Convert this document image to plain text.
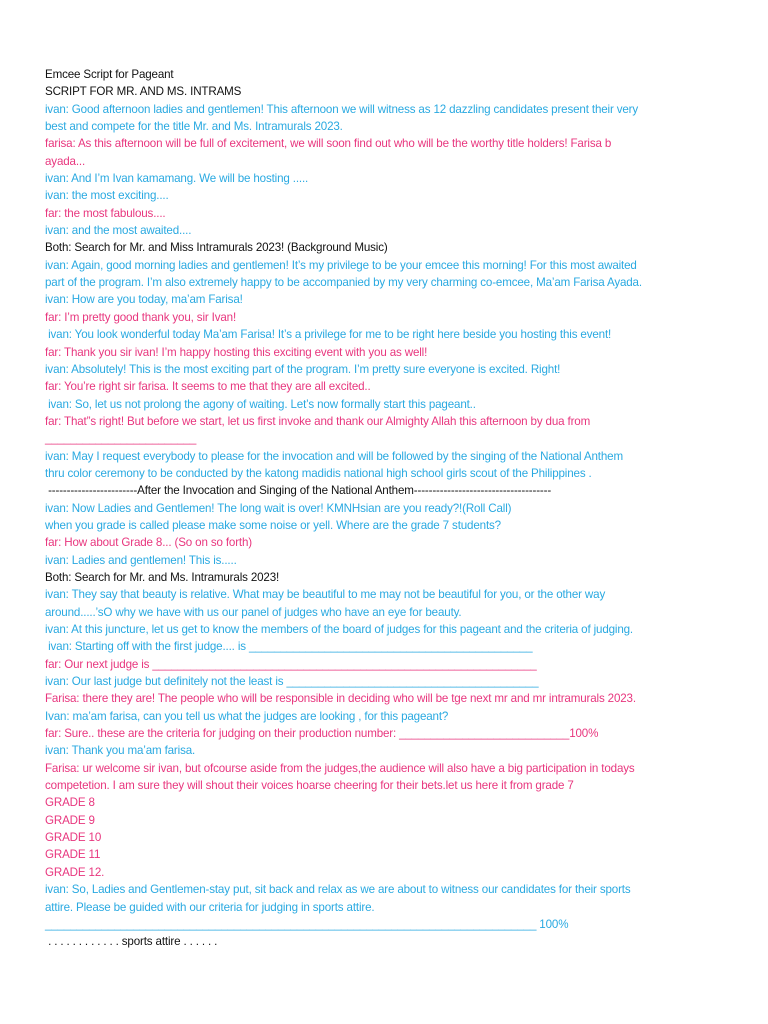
Emcee Script for Pageant

SCRIPT FOR MR. AND MS. INTRAMS

ivan: Good afternoon ladies and gentlemen! This afternoon we will witness as 12 dazzling candidates present their very

best and compete for the title Mr. and Ms. Intramurals 2023.

farisa: As this afternoon will be full of excitement, we will soon find out who will be the worthy title holders! Farisa b

ayada...

ivan: And I’m Ivan kamamang. We will be hosting .....

ivan: the most exciting....

far: the most fabulous....

ivan: and the most awaited....

Both: Search for Mr. and Miss Intramurals 2023! (Background Music)

ivan: Again, good morning ladies and gentlemen! It’s my privilege to be your emcee this morning! For this most awaited

part of the program. I’m also extremely happy to be accompanied by my very charming co-emcee, Ma’am Farisa Ayada.

ivan: How are you today, ma’am Farisa!

far: I’m pretty good thank you, sir Ivan!

ivan: You look wonderful today Ma’am Farisa! It’s a privilege for me to be right here beside you hosting this event!

far: Thank you sir ivan! I’m happy hosting this exciting event with you as well!

ivan: Absolutely! This is the most exciting part of the program. I’m pretty sure everyone is excited. Right!

far: You’re right sir farisa. It seems to me that they are all excited..

ivan: So, let us not prolong the agony of waiting. Let’s now formally start this pageant..

far: That”s right! But before we start, let us first invoke and thank our Almighty Allah this afternoon by dua from

________________________

ivan: May I request everybody to please for the invocation and will be followed by the singing of the National Anthem

thru color ceremony to be conducted by the katong madidis national high school girls scout of the Philippines .

------------------------After the Invocation and Singing of the National Anthem-------------------------------------

ivan: Now Ladies and Gentlemen! The long wait is over! KMNHsian are you ready?!(Roll Call)

when you grade is called please make some noise or yell. Where are the grade 7 students?

far: How about Grade 8... (So on so forth)

ivan: Ladies and gentlemen! This is.....

Both: Search for Mr. and Ms. Intramurals 2023!

ivan: They say that beauty is relative. What may be beautiful to me may not be beautiful for you, or the other way

around.....’sO why we have with us our panel of judges who have an eye for beauty.

ivan: At this juncture, let us get to know the members of the board of judges for this pageant and the criteria of judging.

ivan: Starting off with the first judge.... is _____________________________________________

far: Our next judge is _____________________________________________________________

ivan: Our last judge but definitely not the least is ________________________________________

Farisa: there they are! The people who will be responsible in deciding who will be tge next mr and mr intramurals 2023.

Ivan: ma’am farisa, can you tell us what the judges are looking , for this pageant?

far: Sure.. these are the criteria for judging on their production number: ___________________________100%

ivan: Thank you ma’am farisa.

Farisa: ur welcome sir ivan, but ofcourse aside from the judges,the audience will also have a big participation in todays

competetion. I am sure they will shout their voices hoarse cheering for their bets.let us here it from grade 7

GRADE 8

GRADE 9

GRADE 10

GRADE 11

GRADE 12.

ivan: So, Ladies and Gentlemen-stay put, sit back and relax as we are about to witness our candidates for their sports

attire. Please be guided with our criteria for judging in sports attire.

______________________________________________________________________________ 100%

. . . . . . . . . . . . sports attire . . . . . .
